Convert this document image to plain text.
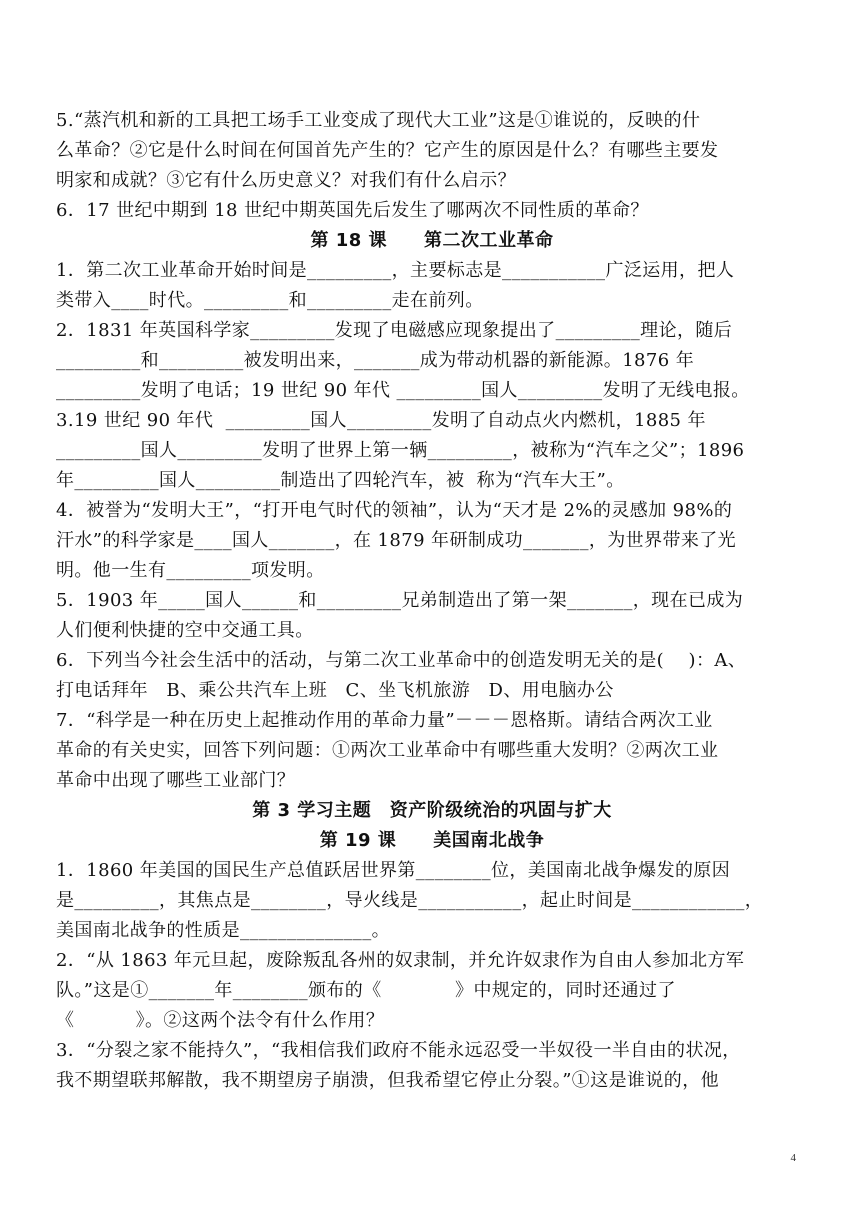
5.“蒸汽机和新的工具把工场手工业变成了现代大工业”这是①谁说的，反映的什
么革命？②它是什么时间在何国首先产生的？它产生的原因是什么？有哪些主要发
明家和成就？③它有什么历史意义？对我们有什么启示？
6．17 世纪中期到 18 世纪中期英国先后发生了哪两次不同性质的革命？
第 18 课　　第二次工业革命
1．第二次工业革命开始时间是_________，主要标志是___________广泛运用，把人
类带入____时代。_________和_________走在前列。
2．1831 年英国科学家_________发现了电磁感应现象提出了_________理论，随后
_________和_________被发明出来，_______成为带动机器的新能源。1876 年
_________发明了电话；19 世纪 90 年代 _________国人_________发明了无线电报。
3.19 世纪 90 年代  _________国人_________发明了自动点火内燃机，1885 年
_________国人_________发明了世界上第一辆_________，被称为“汽车之父”；1896
年_________国人_________制造出了四轮汽车，被  称为“汽车大王”。
4．被誉为“发明大王”，“打开电气时代的领袖”，认为“天才是 2%的灵感加 98%的
汗水”的科学家是____国人_______，在 1879 年研制成功_______，为世界带来了光
明。他一生有_________项发明。
5．1903 年_____国人______和_________兄弟制造出了第一架_______，现在已成为
人们便利快捷的空中交通工具。
6．下列当今社会生活中的活动，与第二次工业革命中的创造发明无关的是(    )：A、
打电话拜年   B、乘公共汽车上班   C、坐飞机旅游   D、用电脑办公
7．“科学是一种在历史上起推动作用的革命力量”－－－恩格斯。请结合两次工业
革命的有关史实，回答下列问题：①两次工业革命中有哪些重大发明？②两次工业
革命中出现了哪些工业部门？
第 3 学习主题　资产阶级统治的巩固与扩大
第 19 课　　美国南北战争
1．1860 年美国的国民生产总值跃居世界第________位，美国南北战争爆发的原因
是_________，其焦点是________，导火线是___________，起止时间是____________，
美国南北战争的性质是______________。
2．“从 1863 年元旦起，废除叛乱各州的奴隶制，并允许奴隶作为自由人参加北方军
队。”这是①_______年________颁布的《            》中规定的，同时还通过了
《          》。②这两个法令有什么作用？
3．“分裂之家不能持久”，“我相信我们政府不能永远忍受一半奴役一半自由的状况，
我不期望联邦解散，我不期望房子崩溃，但我希望它停止分裂。”①这是谁说的，他
4
